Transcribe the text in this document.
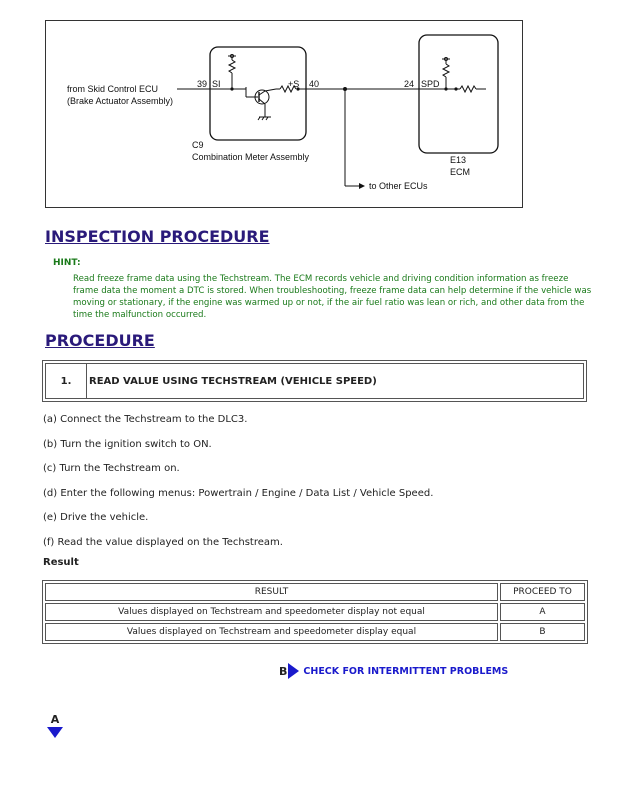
from Skid Control ECU
(Brake Actuator Assembly)
39 SI	+S 40
C9
Combination Meter Assembly
24 SPD
E13
ECM
to Other ECUs
INSPECTION PROCEDURE
HINT:
Read freeze frame data using the Techstream. The ECM records vehicle and driving condition information as freeze frame data the moment a DTC is stored. When troubleshooting, freeze frame data can help determine if the vehicle was moving or stationary, if the engine was warmed up or not, if the air fuel ratio was lean or rich, and other data from the time the malfunction occurred.
PROCEDURE
1.	READ VALUE USING TECHSTREAM (VEHICLE SPEED)
(a) Connect the Techstream to the DLC3.
(b) Turn the ignition switch to ON.
(c) Turn the Techstream on.
(d) Enter the following menus: Powertrain / Engine / Data List / Vehicle Speed.
(e) Drive the vehicle.
(f) Read the value displayed on the Techstream.
Result
RESULT	PROCEED TO
Values displayed on Techstream and speedometer display not equal	A
Values displayed on Techstream and speedometer display equal	B
B CHECK FOR INTERMITTENT PROBLEMS
A
